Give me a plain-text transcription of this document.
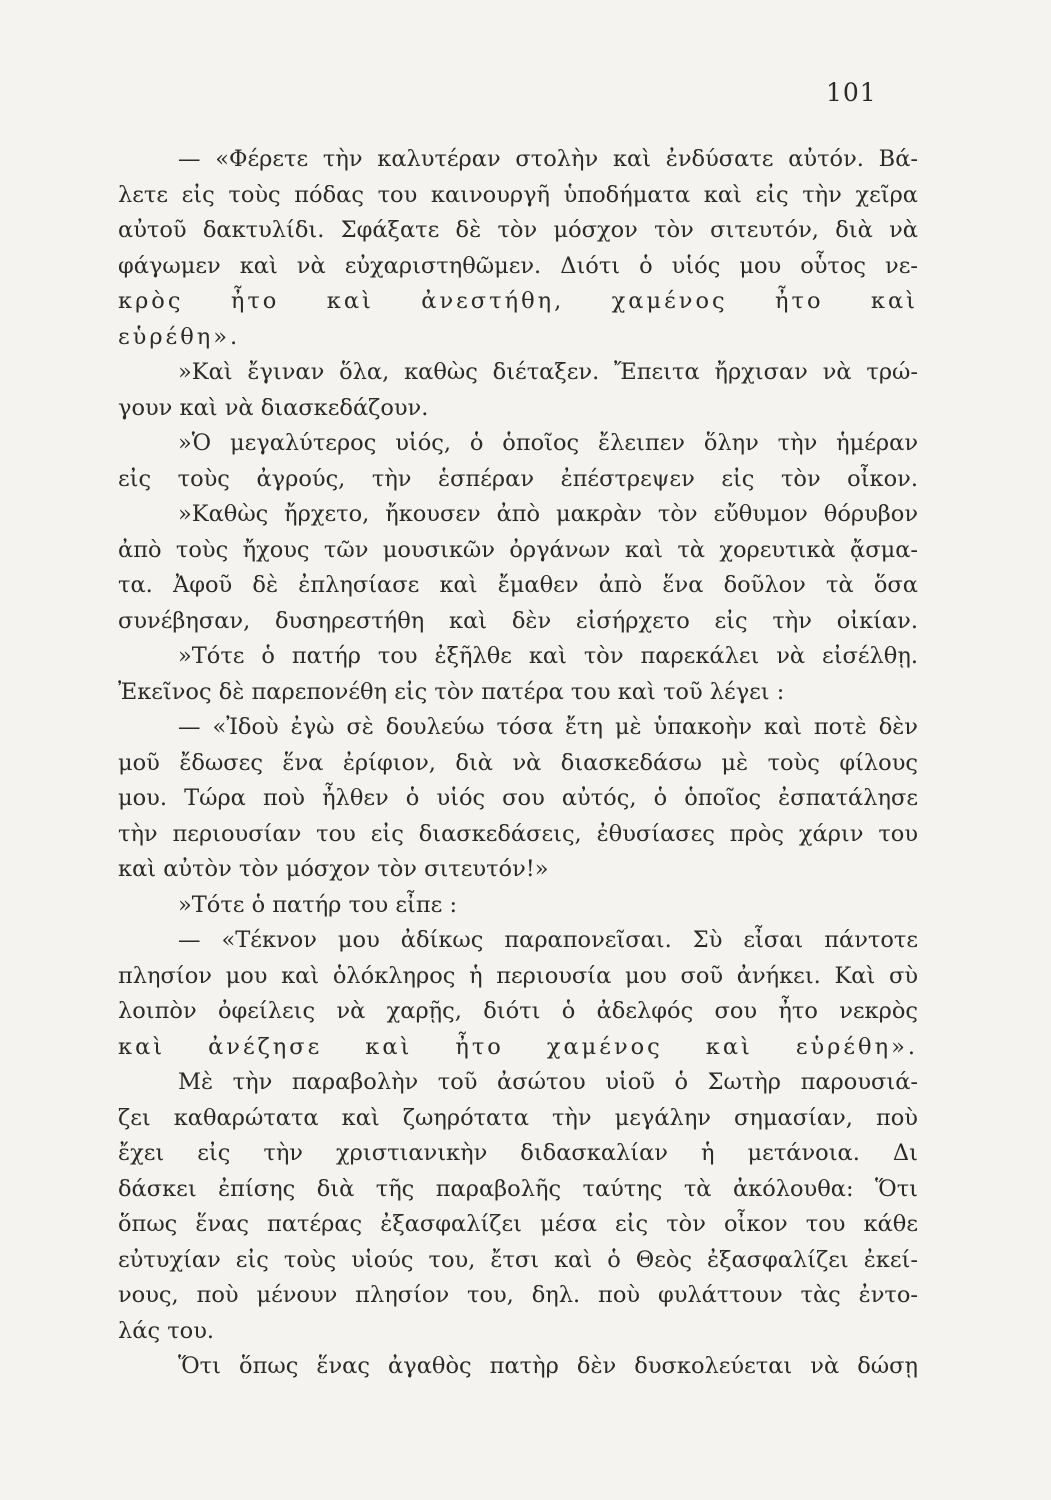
101
— «Φέρετε τὴν καλυτέραν στολὴν καὶ ἐνδύσατε αὐτόν. Βά-
λετε εἰς τοὺς πόδας του καινουργῆ ὑποδήματα καὶ εἰς τὴν χεῖρα
αὐτοῦ δακτυλίδι. Σφάξατε δὲ τὸν μόσχον τὸν σιτευτόν, διὰ νὰ
φάγωμεν καὶ νὰ εὐχαριστηθῶμεν. Διότι ὁ υἱός μου οὗτος νε-
κρὸς ἦτο καὶ ἀνεστήθη, χαμένος ἦτο καὶ
εὑρέθη».
»Καὶ ἔγιναν ὅλα, καθὼς διέταξεν. Ἔπειτα ἤρχισαν νὰ τρώ-
γουν καὶ νὰ διασκεδάζουν.
»Ὁ μεγαλύτερος υἱός, ὁ ὁποῖος ἔλειπεν ὅλην τὴν ἡμέραν
εἰς τοὺς ἀγρούς, τὴν ἑσπέραν ἐπέστρεψεν εἰς τὸν οἶκον.
»Καθὼς ἤρχετο, ἤκουσεν ἀπὸ μακρὰν τὸν εὔθυμον θόρυβον
ἀπὸ τοὺς ἤχους τῶν μουσικῶν ὀργάνων καὶ τὰ χορευτικὰ ᾄσμα-
τα. Ἀφοῦ δὲ ἐπλησίασε καὶ ἔμαθεν ἀπὸ ἕνα δοῦλον τὰ ὅσα
συνέβησαν, δυσηρεστήθη καὶ δὲν εἰσήρχετο εἰς τὴν οἰκίαν.
»Τότε ὁ πατήρ του ἐξῆλθε καὶ τὸν παρεκάλει νὰ εἰσέλθῃ.
Ἐκεῖνος δὲ παρεπονέθη εἰς τὸν πατέρα του καὶ τοῦ λέγει :
— «Ἰδοὺ ἐγὼ σὲ δουλεύω τόσα ἔτη μὲ ὑπακοὴν καὶ ποτὲ δὲν
μοῦ ἔδωσες ἕνα ἐρίφιον, διὰ νὰ διασκεδάσω μὲ τοὺς φίλους
μου. Τώρα ποὺ ἦλθεν ὁ υἱός σου αὐτός, ὁ ὁποῖος ἐσπατάλησε
τὴν περιουσίαν του εἰς διασκεδάσεις, ἐθυσίασες πρὸς χάριν του
καὶ αὐτὸν τὸν μόσχον τὸν σιτευτόν!»
»Τότε ὁ πατήρ του εἶπε :
— «Τέκνον μου ἀδίκως παραπονεῖσαι. Σὺ εἶσαι πάντοτε
πλησίον μου καὶ ὁλόκληρος ἡ περιουσία μου σοῦ ἀνήκει. Καὶ σὺ
λοιπὸν ὀφείλεις νὰ χαρῇς, διότι ὁ ἀδελφός σου ἦτο νεκρὸς
καὶ ἀνέζησε καὶ ἦτο χαμένος καὶ εὑρέθη».
Μὲ τὴν παραβολὴν τοῦ ἀσώτου υἱοῦ ὁ Σωτὴρ παρουσιά-
ζει καθαρώτατα καὶ ζωηρότατα τὴν μεγάλην σημασίαν, ποὺ
ἔχει εἰς τὴν χριστιανικὴν διδασκαλίαν ἡ μετάνοια. Δι
δάσκει ἐπίσης διὰ τῆς παραβολῆς ταύτης τὰ ἀκόλουθα: Ὅτι
ὅπως ἕνας πατέρας ἐξασφαλίζει μέσα εἰς τὸν οἶκον του κάθε
εὐτυχίαν εἰς τοὺς υἱούς του, ἔτσι καὶ ὁ Θεὸς ἐξασφαλίζει ἐκεί-
νους, ποὺ μένουν πλησίον του, δηλ. ποὺ φυλάττουν τὰς ἐντο-
λάς του.
Ὅτι ὅπως ἕνας ἀγαθὸς πατὴρ δὲν δυσκολεύεται νὰ δώσῃ
